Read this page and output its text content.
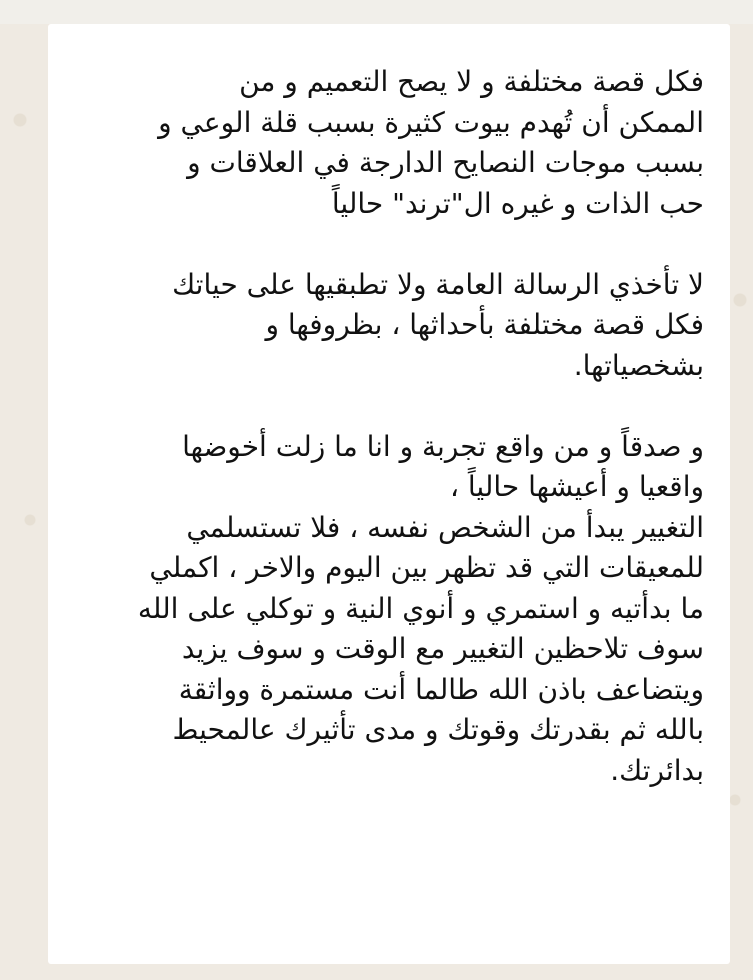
فكل قصة مختلفة و لا يصح التعميم و من
الممكن أن تُهدم بيوت كثيرة بسبب قلة الوعي و
بسبب موجات النصايح الدارجة في العلاقات و
حب الذات و غيره ال"ترند" حالياً
لا تأخذي الرسالة العامة ولا تطبقيها على حياتك
فكل قصة مختلفة بأحداثها ، بظروفها و
بشخصياتها.
و صدقاً و من واقع تجربة و انا ما زلت أخوضها
واقعيا و أعيشها حالياً ،
التغيير يبدأ من الشخص نفسه ، فلا تستسلمي
للمعيقات التي قد تظهر بين اليوم والاخر ، اكملي
ما بدأتيه و استمري و أنوي النية و توكلي على الله
سوف تلاحظين التغيير مع الوقت و سوف يزيد
ويتضاعف باذن الله طالما أنت مستمرة وواثقة
بالله ثم بقدرتك وقوتك و مدى تأثيرك عالمحيط
بدائرتك.
